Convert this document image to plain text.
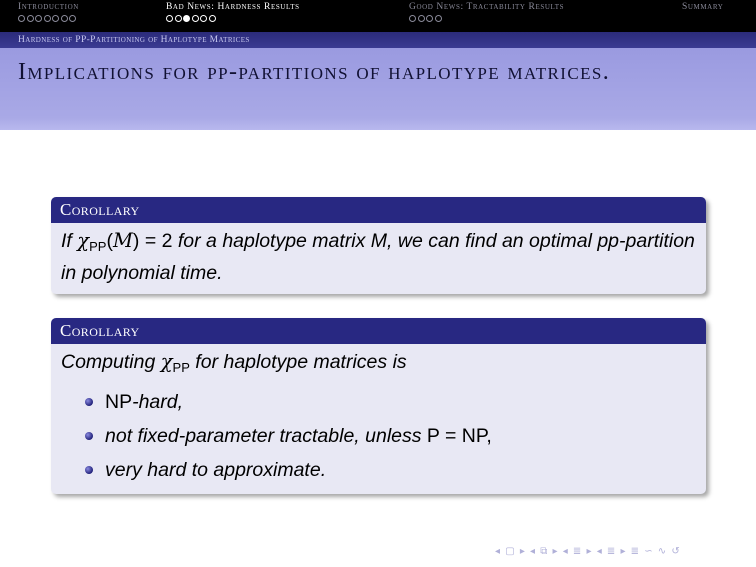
Introduction	Bad News: Hardness Results	Good News: Tractability Results	Summary
Hardness of PP-Partitioning of Haplotype Matrices
Implications for pp-partitions of haplotype matrices.
Corollary
If $\chi_{PP}(M) = 2$ for a haplotype matrix M, we can find an optimal pp-partition in polynomial time.
Corollary
Computing $\chi_{PP}$ for haplotype matrices is
NP-hard,
not fixed-parameter tractable, unless P = NP,
very hard to approximate.
◂ ▢ ▸ ◂ ⧉ ▸ ◂ ≣ ▸ ◂ ≣ ▸ ≣ ∽ ∿ ↺
